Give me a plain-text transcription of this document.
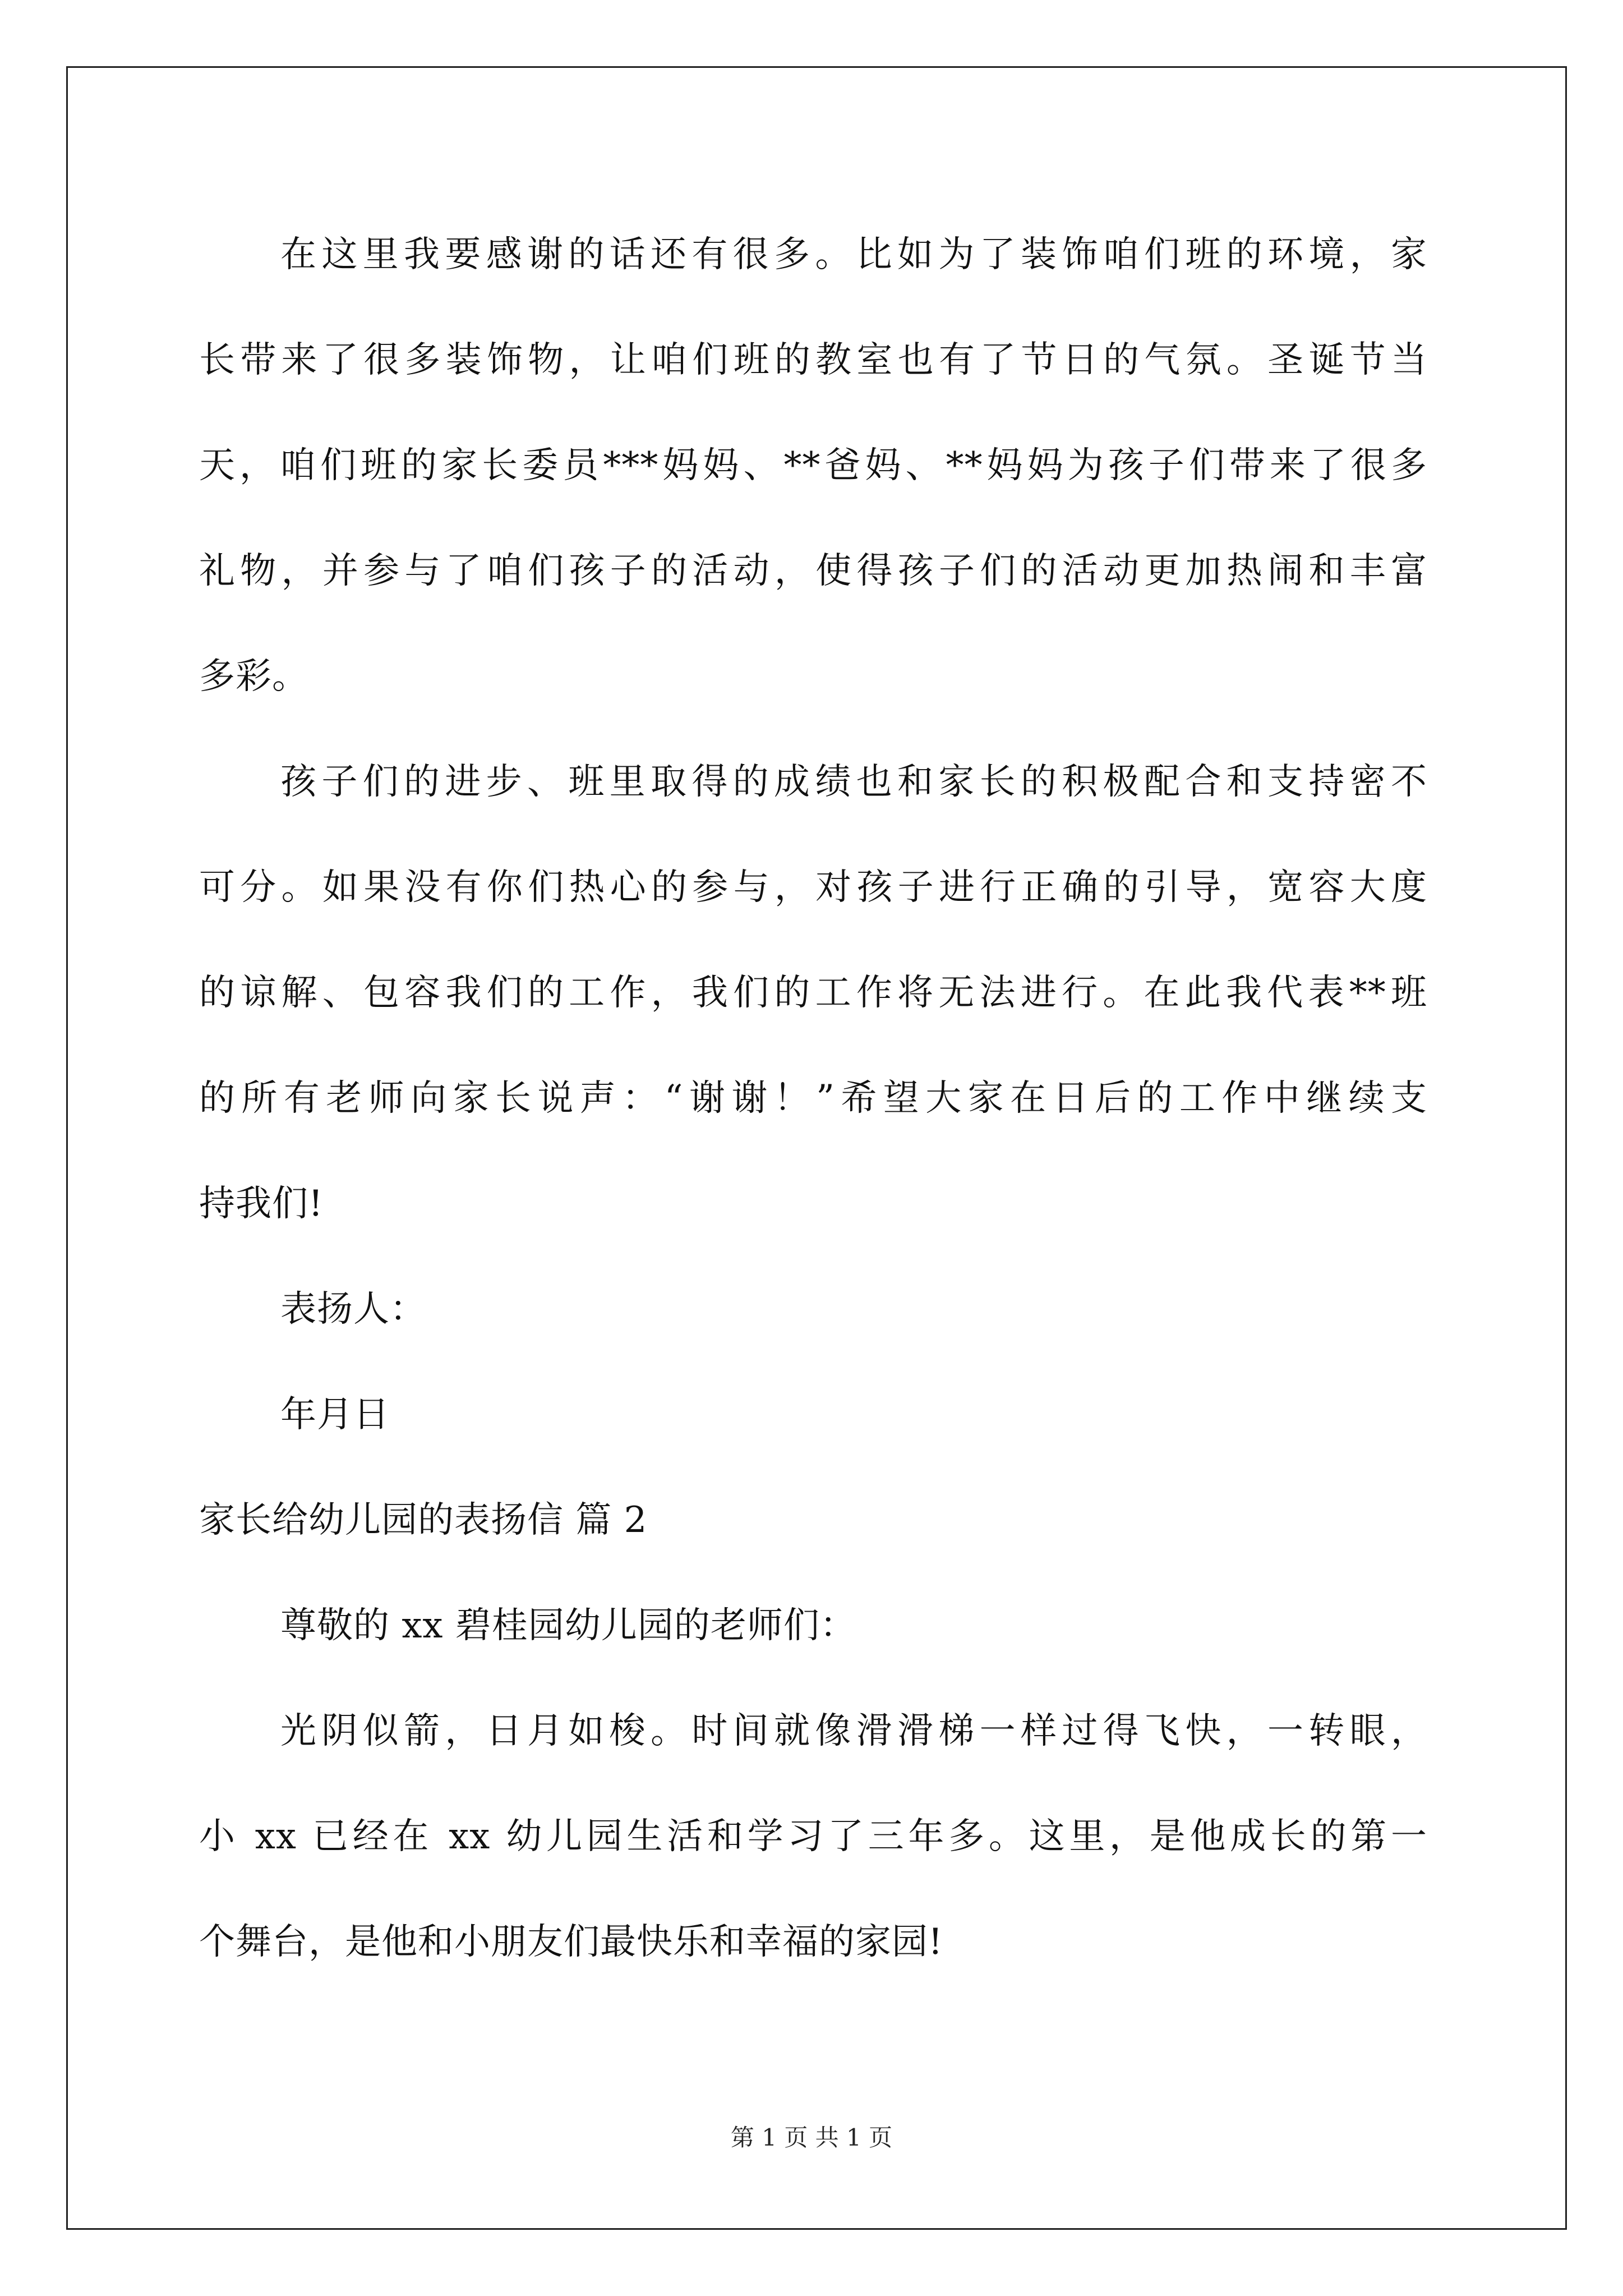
在这里我要感谢的话还有很多。比如为了装饰咱们班的环境，家
长带来了很多装饰物，让咱们班的教室也有了节日的气氛。圣诞节当
天，咱们班的家长委员***妈妈、**爸妈、**妈妈为孩子们带来了很多
礼物，并参与了咱们孩子的活动，使得孩子们的活动更加热闹和丰富
多彩。
孩子们的进步、班里取得的成绩也和家长的积极配合和支持密不
可分。如果没有你们热心的参与，对孩子进行正确的引导，宽容大度
的谅解、包容我们的工作，我们的工作将无法进行。在此我代表**班
的所有老师向家长说声：“谢谢！”希望大家在日后的工作中继续支
持我们!
表扬人：
年月日
家长给幼儿园的表扬信 篇 2
尊敬的 xx 碧桂园幼儿园的老师们：
光阴似箭，日月如梭。时间就像滑滑梯一样过得飞快，一转眼，
小 xx 已经在 xx 幼儿园生活和学习了三年多。这里，是他成长的第一
个舞台，是他和小朋友们最快乐和幸福的家园!
第 1 页 共 1 页
